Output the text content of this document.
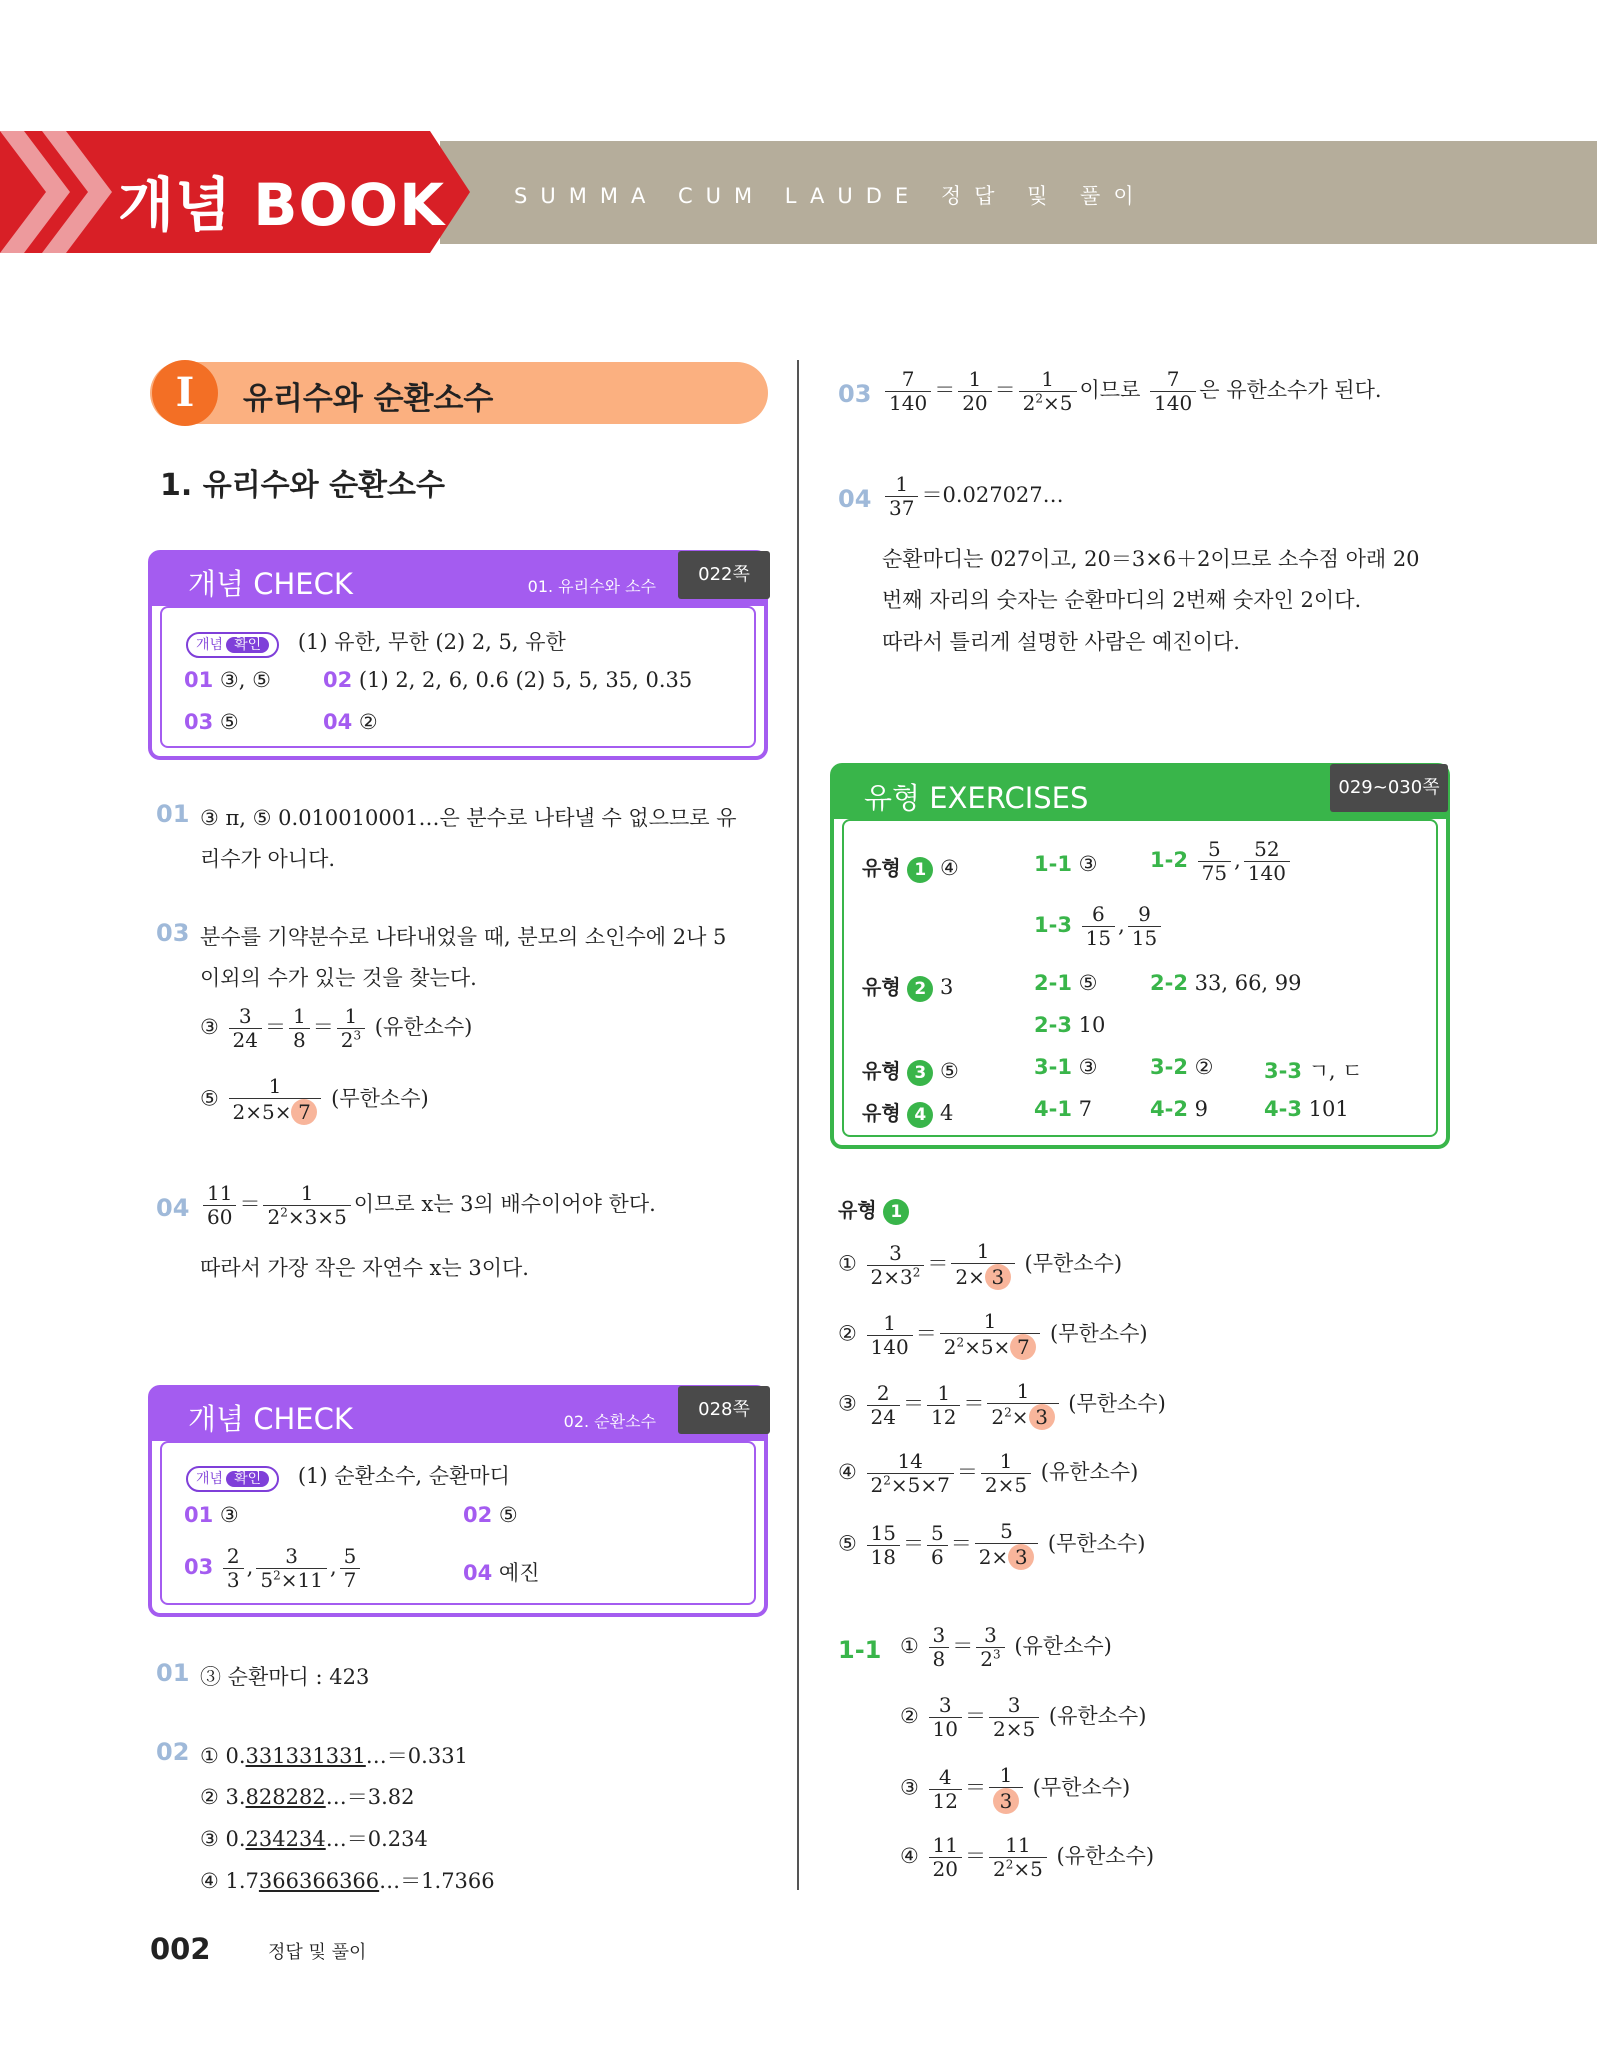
개념 BOOK	SUMMA CUM LAUDE 정답 및 풀이
I	유리수와 순환소수
1. 유리수와 순환소수
개념 CHECK	01. 유리수와 소수
022쪽
개념 확인 (1) 유한, 무한 (2) 2, 5, 유한
01 ③, ⑤ 02 (1) 2, 2, 6, 0.6 (2) 5, 5, 35, 0.35
03 ⑤	04 ②
01 ③ π, ⑤ 0.010010001…은 분수로 나타낼 수 없으므로 유
리수가 아니다.
03 분수를 기약분수로 나타내었을 때, 분모의 소인수에 2나 5
이외의 수가 있는 것을 찾는다.
③ $\frac{3}{24} = \frac{1}{8} = \frac{1}{2^3}$ (유한소수)
⑤ $\frac{1}{2\times 5\times 7}$ (무한소수)
$04 \frac{11}{60} = \frac{1}{2^2\times 3\times 5}$ 이므로 x는 3의 배수이어야 한다.
따라서 가장 작은 자연수 x는 3이다.
개념 CHECK	02. 순환소수
028쪽
개념 확인 (1) 순환소수, 순환마디
01 ③	02 ⑤
$03 \frac{2}{3}$ , $\frac{3}{5^2\times 11}$ , $\frac{5}{7}$	04 예진
01 ③ 순환마디 : 423
02 ① 0.331331331…＝0.331
② 3.828282…＝3.82
③ 0.234234…＝0.234
④ 1.7366366366…＝1.7366
$03 \frac{7}{140} = \frac{1}{20} = \frac{1}{2^2\times 5}$ 이므로 $\frac{7}{140}$ 은 유한소수가 된다.
$04 \frac{1}{37}$ ＝0.027027…
순환마디는 027이고, 20＝3×6＋2이므로 소수점 아래 20
번째 자리의 숫자는 순환마디의 2번째 숫자인 2이다.
따라서 틀리게 설명한 사람은 예진이다.
유형 EXERCISES	029~030쪽
유형 1 ④	1-1 ③	$1-2 \frac{5}{75}$ , $\frac{52}{140}$
$1-3 \frac{6}{15}$ , $\frac{9}{15}$
유형 2 3	2-1 ⑤	2-2 33, 66, 99
2-3 10
유형 3 ⑤	3-1 ③	3-2 ② 3-3 ㄱ, ㄷ
유형 4 4	4-1 7	4-2 9	4-3 101
유형 1
① $\frac{3}{2\times 3^2} = \frac{1}{2\times 3}$ (무한소수)
② $\frac{1}{140} = \frac{1}{2^2\times 5\times 7}$ (무한소수)
③ $\frac{2}{24} = \frac{1}{12} = \frac{1}{2^2\times 3}$ (무한소수)
④ $\frac{14}{2^2\times 5\times 7} = \frac{1}{2\times 5}$ (유한소수)
⑤ $\frac{15}{18} = \frac{5}{6} = \frac{5}{2\times 3}$ (무한소수)
1-1 ① $\frac{3}{8} = \frac{3}{2^3}$ (유한소수)
② $\frac{3}{10} = \frac{3}{2\times 5}$ (유한소수)
③ $\frac{4}{12} = \frac{1}{3}$ (무한소수)
④ $\frac{11}{20} = \frac{11}{2^2\times 5}$ (유한소수)
002	정답 및 풀이
